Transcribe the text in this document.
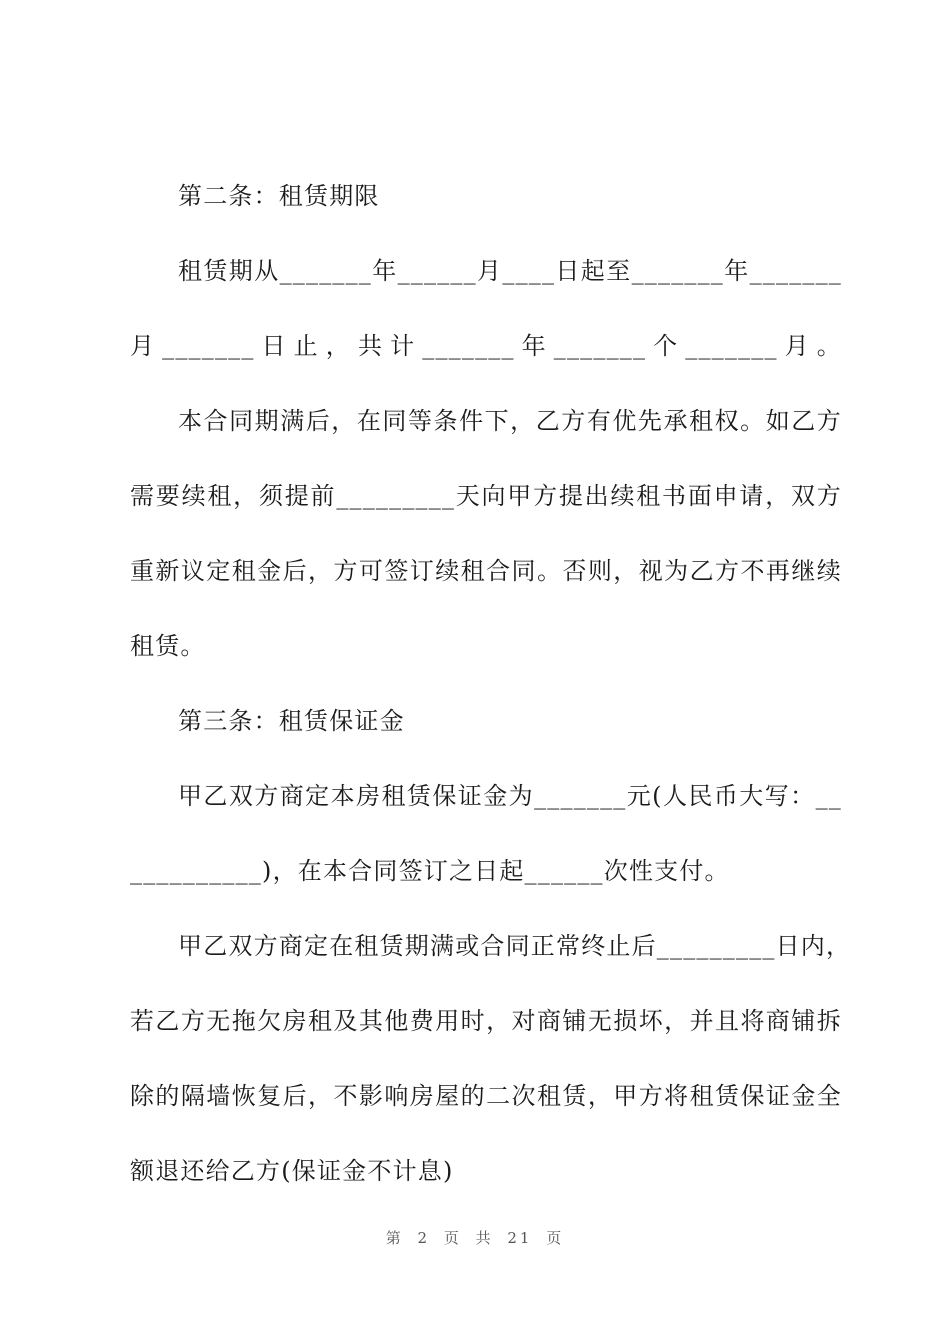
第二条：租赁期限
租赁期从_______年______月____日起至_______年_______
月_______日止，共计_______年_______个_______月。
本合同期满后，在同等条件下，乙方有优先承租权。如乙方
需要续租，须提前_________天向甲方提出续租书面申请，双方
重新议定租金后，方可签订续租合同。否则，视为乙方不再继续
租赁。
第三条：租赁保证金
甲乙双方商定本房租赁保证金为_______元(人民币大写：__
__________)，在本合同签订之日起______次性支付。
甲乙双方商定在租赁期满或合同正常终止后_________日内，
若乙方无拖欠房租及其他费用时，对商铺无损坏，并且将商铺拆
除的隔墙恢复后，不影响房屋的二次租赁，甲方将租赁保证金全
额退还给乙方(保证金不计息)
第 2 页 共 21 页
